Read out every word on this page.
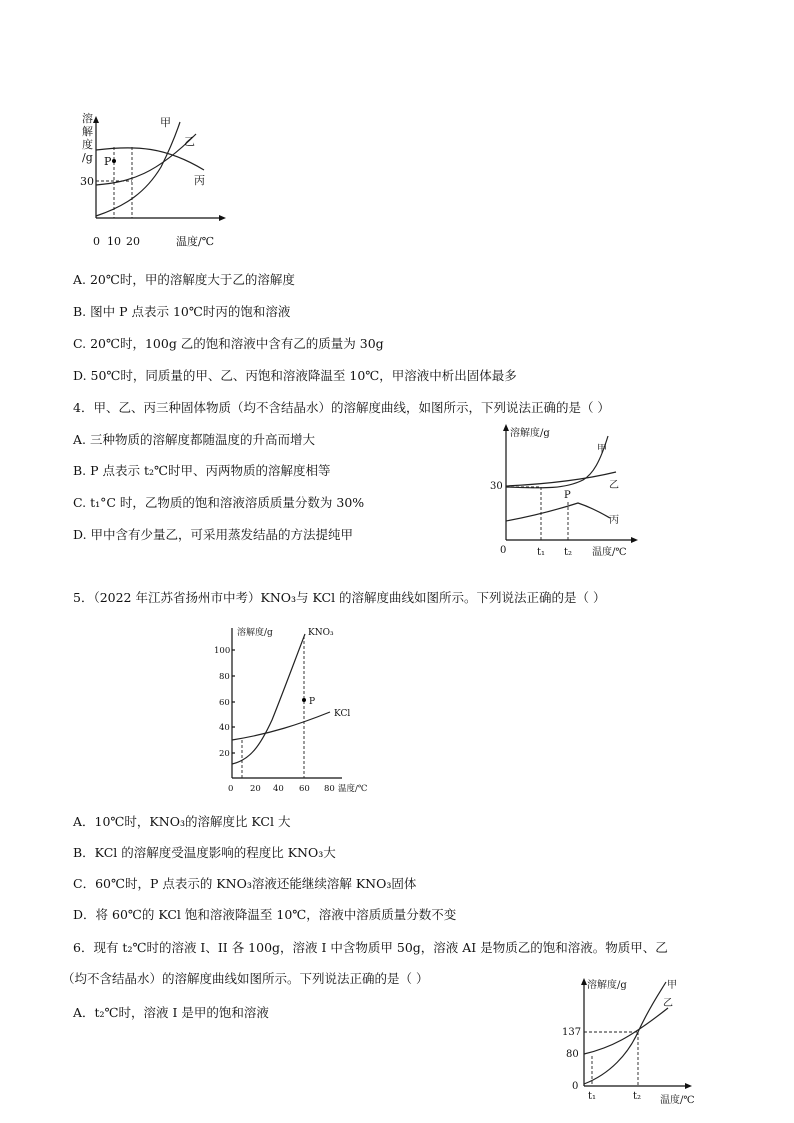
溶
解
度
/g P
30
0 10 20	温度/℃
甲
乙
丙
A. 20℃时，甲的溶解度大于乙的溶解度
B. 图中 P 点表示 10℃时丙的饱和溶液
C. 20℃时，100g 乙的饱和溶液中含有乙的质量为 30g
D. 50℃时，同质量的甲、乙、丙饱和溶液降温至 10℃，甲溶液中析出固体最多
4．甲、乙、丙三种固体物质（均不含结晶水）的溶解度曲线，如图所示，下列说法正确的是（ ）
A. 三种物质的溶解度都随温度的升高而增大
B. P 点表示 t₂℃时甲、丙两物质的溶解度相等
C. t₁°C 时，乙物质的饱和溶液溶质质量分数为 30%
D. 甲中含有少量乙，可采用蒸发结晶的方法提纯甲
溶解度/g
30
P
0	t₁ t₂ 温度/℃
甲
乙
丙
5．（2022 年江苏省扬州市中考）KNO₃与 KCl 的溶解度曲线如图所示。下列说法正确的是（ ）
溶解度/g	KNO₃
100
80
60
40
20
P
KCl
0 20 40 60 80 温度/℃
A．10℃时，KNO₃的溶解度比 KCl 大
B．KCl 的溶解度受温度影响的程度比 KNO₃大
C．60℃时，P 点表示的 KNO₃溶液还能继续溶解 KNO₃固体
D．将 60℃的 KCl 饱和溶液降温至 10℃，溶液中溶质质量分数不变
6．现有 t₂℃时的溶液 I、II 各 100g，溶液 I 中含物质甲 50g，溶液 AI 是物质乙的饱和溶液。物质甲、乙
（均不含结晶水）的溶解度曲线如图所示。下列说法正确的是（ ）
A．t₂℃时，溶液 I 是甲的饱和溶液
溶解度/g
137
80
0
t₁	t₂ 温度/℃
甲
乙
